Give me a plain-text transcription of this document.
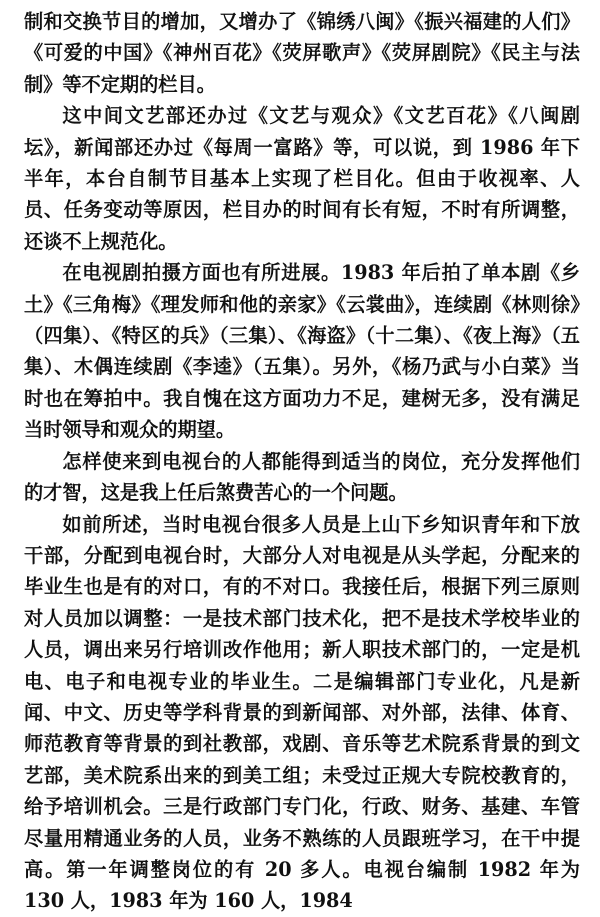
制和交换节目的增加，又增办了《锦绣八闽》《振兴福建的人们》《可爱的中国》《神州百花》《荧屏歌声》《荧屏剧院》《民主与法制》等不定期的栏目。

这中间文艺部还办过《文艺与观众》《文艺百花》《八闽剧坛》，新闻部还办过《每周一富路》等，可以说，到 1986 年下半年，本台自制节目基本上实现了栏目化。但由于收视率、人员、任务变动等原因，栏目办的时间有长有短，不时有所调整，还谈不上规范化。

在电视剧拍摄方面也有所进展。1983 年后拍了单本剧《乡土》《三角梅》《理发师和他的亲家》《云裳曲》，连续剧《林则徐》（四集）、《特区的兵》（三集）、《海盗》（十二集）、《夜上海》（五集）、木偶连续剧《李逵》（五集）。另外，《杨乃武与小白菜》当时也在筹拍中。我自愧在这方面功力不足，建树无多，没有满足当时领导和观众的期望。

怎样使来到电视台的人都能得到适当的岗位，充分发挥他们的才智，这是我上任后煞费苦心的一个问题。

如前所述，当时电视台很多人员是上山下乡知识青年和下放干部，分配到电视台时，大部分人对电视是从头学起，分配来的毕业生也是有的对口，有的不对口。我接任后，根据下列三原则对人员加以调整：一是技术部门技术化，把不是技术学校毕业的人员，调出来另行培训改作他用；新人职技术部门的，一定是机电、电子和电视专业的毕业生。二是编辑部门专业化，凡是新闻、中文、历史等学科背景的到新闻部、对外部，法律、体育、师范教育等背景的到社教部，戏剧、音乐等艺术院系背景的到文艺部，美术院系出来的到美工组；未受过正规大专院校教育的，给予培训机会。三是行政部门专门化，行政、财务、基建、车管尽量用精通业务的人员，业务不熟练的人员跟班学习，在干中提高。第一年调整岗位的有 20 多人。电视台编制 1982 年为 130 人，1983 年为 160 人，1984
